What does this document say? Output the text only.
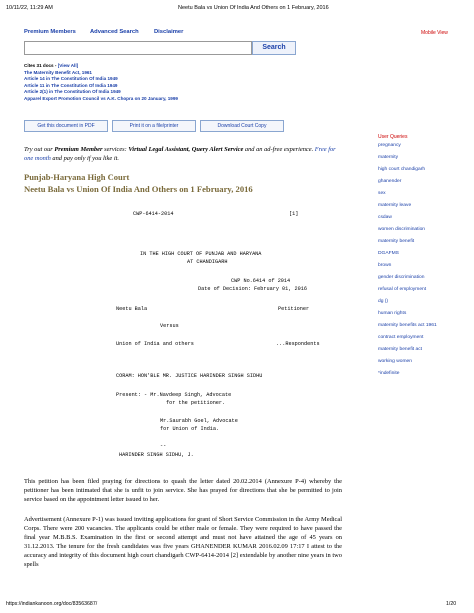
10/11/22, 11:29 AM	Neetu Bala vs Union Of India And Others on 1 February, 2016
Premium Members Advanced Search	Disclaimer	Mobile View
Search
Cites 31 docs - [View All]
The Maternity Benefit Act, 1961
Article 14 in The Constitution Of India 1949
Article 11 in The Constitution Of India 1949
Article 2(1) in The Constitution Of India 1949
Apparel Export Promotion Council vs A.K. Chopra on 20 January, 1999
Get this document in PDF	Print it on a file/printer	Download Court Copy
User Queries
pregnancy
maternity
high court chandigarh
ghanender
sex
maternity leave
csdaw
women discrimination
maternity benefit
DGAFMS
brown
gender discrimination
refusal of employment
dg ()
human rights
maternity benefits act 1961
contract employment
maternity benefit act
working women
*indefinite
Try out our Premium Member services: Virtual Legal Assistant, Query Alert Service and an ad-free experience. Free for one month and pay only if you like it.
Punjab-Haryana High Court
Neetu Bala vs Union Of India And Others on 1 February, 2016
CWP-6414-2014	[1]
IN THE HIGH COURT OF PUNJAB AND HARYANA
AT CHANDIGARH
CWP No.6414 of 2014
Date of Decision: February 01, 2016
Neetu Bala	Petitioner
Versus
Union of India and others	...Respondents
CORAM: HON'BLE MR. JUSTICE HARINDER SINGH SIDHU
Present: - Mr.Navdeep Singh, Advocate
for the petitioner.
Mr.Saurabh Goel, Advocate
for Union of India.
--
HARINDER SINGH SIDHU, J.
This petition has been filed praying for directions to quash the letter dated 20.02.2014 (Annexure P-4) whereby the petitioner has been intimated that she is unfit to join service. She has prayed for directions that she be permitted to join service based on the appointment letter issued to her.
Advertisement (Annexure P-1) was issued inviting applications for grant of Short Service Commission in the Army Medical Corps. There were 200 vacancies. The applicants could be either male or female. They were required to have passed the final year M.B.B.S. Examination in the first or second attempt and must not have attained the age of 45 years on 31.12.2013. The tenure for the fresh candidates was five years GHANENDER KUMAR 2016.02.09 17:17 I attest to the accuracy and integrity of this document high court chandigarh CWP-6414-2014 [2] extendable by another nine years in two spells
https://indiankanoon.org/doc/83563687/	1/20
